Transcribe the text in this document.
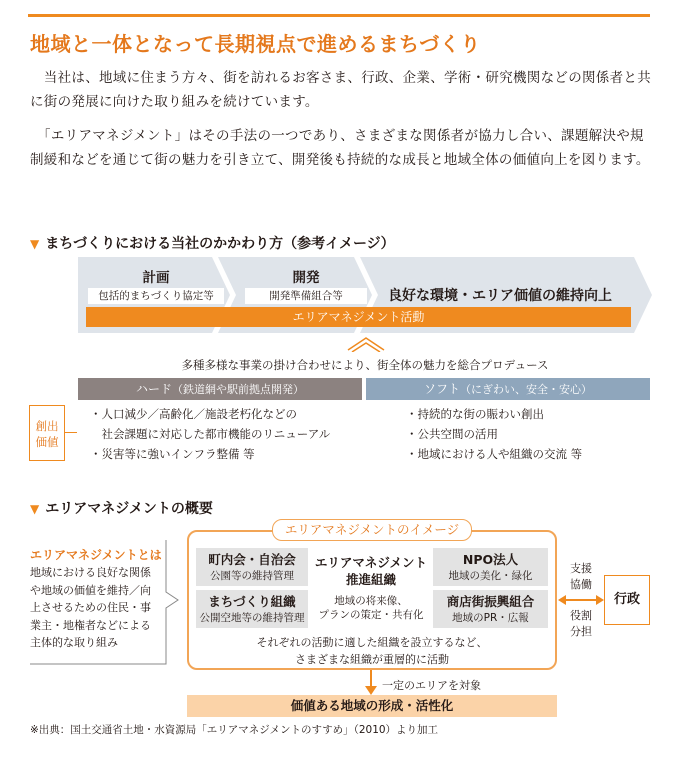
地域と一体となって長期視点で進めるまちづくり
　当社は、地域に住まう方々、街を訪れるお客さま、行政、企業、学術・研究機関などの関係者と共に街の発展に向けた取り組みを続けています。
　「エリアマネジメント」はその手法の一つであり、さまざまな関係者が協力し合い、課題解決や規制緩和などを通じて街の魅力を引き立て、開発後も持続的な成長と地域全体の価値向上を図ります。
▼ まちづくりにおける当社のかかわり方（参考イメージ）
計画
包括的まちづくり協定等
開発
開発準備組合等	良好な環境・エリア価値の維持向上
エリアマネジメント活動
多種多様な事業の掛け合わせにより、街全体の魅力を総合プロデュース
ハード（鉄道網や駅前拠点開発）	ソフト（にぎわい、安全・安心）
創出
価値
・人口減少／高齢化／施設老朽化などの
　社会課題に対応した都市機能のリニューアル
・災害等に強いインフラ整備 等
・持続的な街の賑わい創出
・公共空間の活用
・地域における人や組織の交流 等
▼ エリアマネジメントの概要
エリアマネジメントとは
地域における良好な関係
や地域の価値を維持／向
上させるための住民・事
業主・地権者などによる
主体的な取り組み
エリアマネジメントのイメージ
町内会・自治会
公園等の維持管理
NPO法人
地域の美化・緑化
まちづくり組織
公開空地等の維持管理
商店街振興組合
地域のPR・広報
エリアマネジメント
推進組織
地域の将来像、
プランの策定・共有化
それぞれの活動に適した組織を設立するなど、
さまざまな組織が重層的に活動
支援
協働
役割
分担
行政
一定のエリアを対象
価値ある地域の形成・活性化
※出典：国土交通省土地・水資源局「エリアマネジメントのすすめ」（2010）より加工
